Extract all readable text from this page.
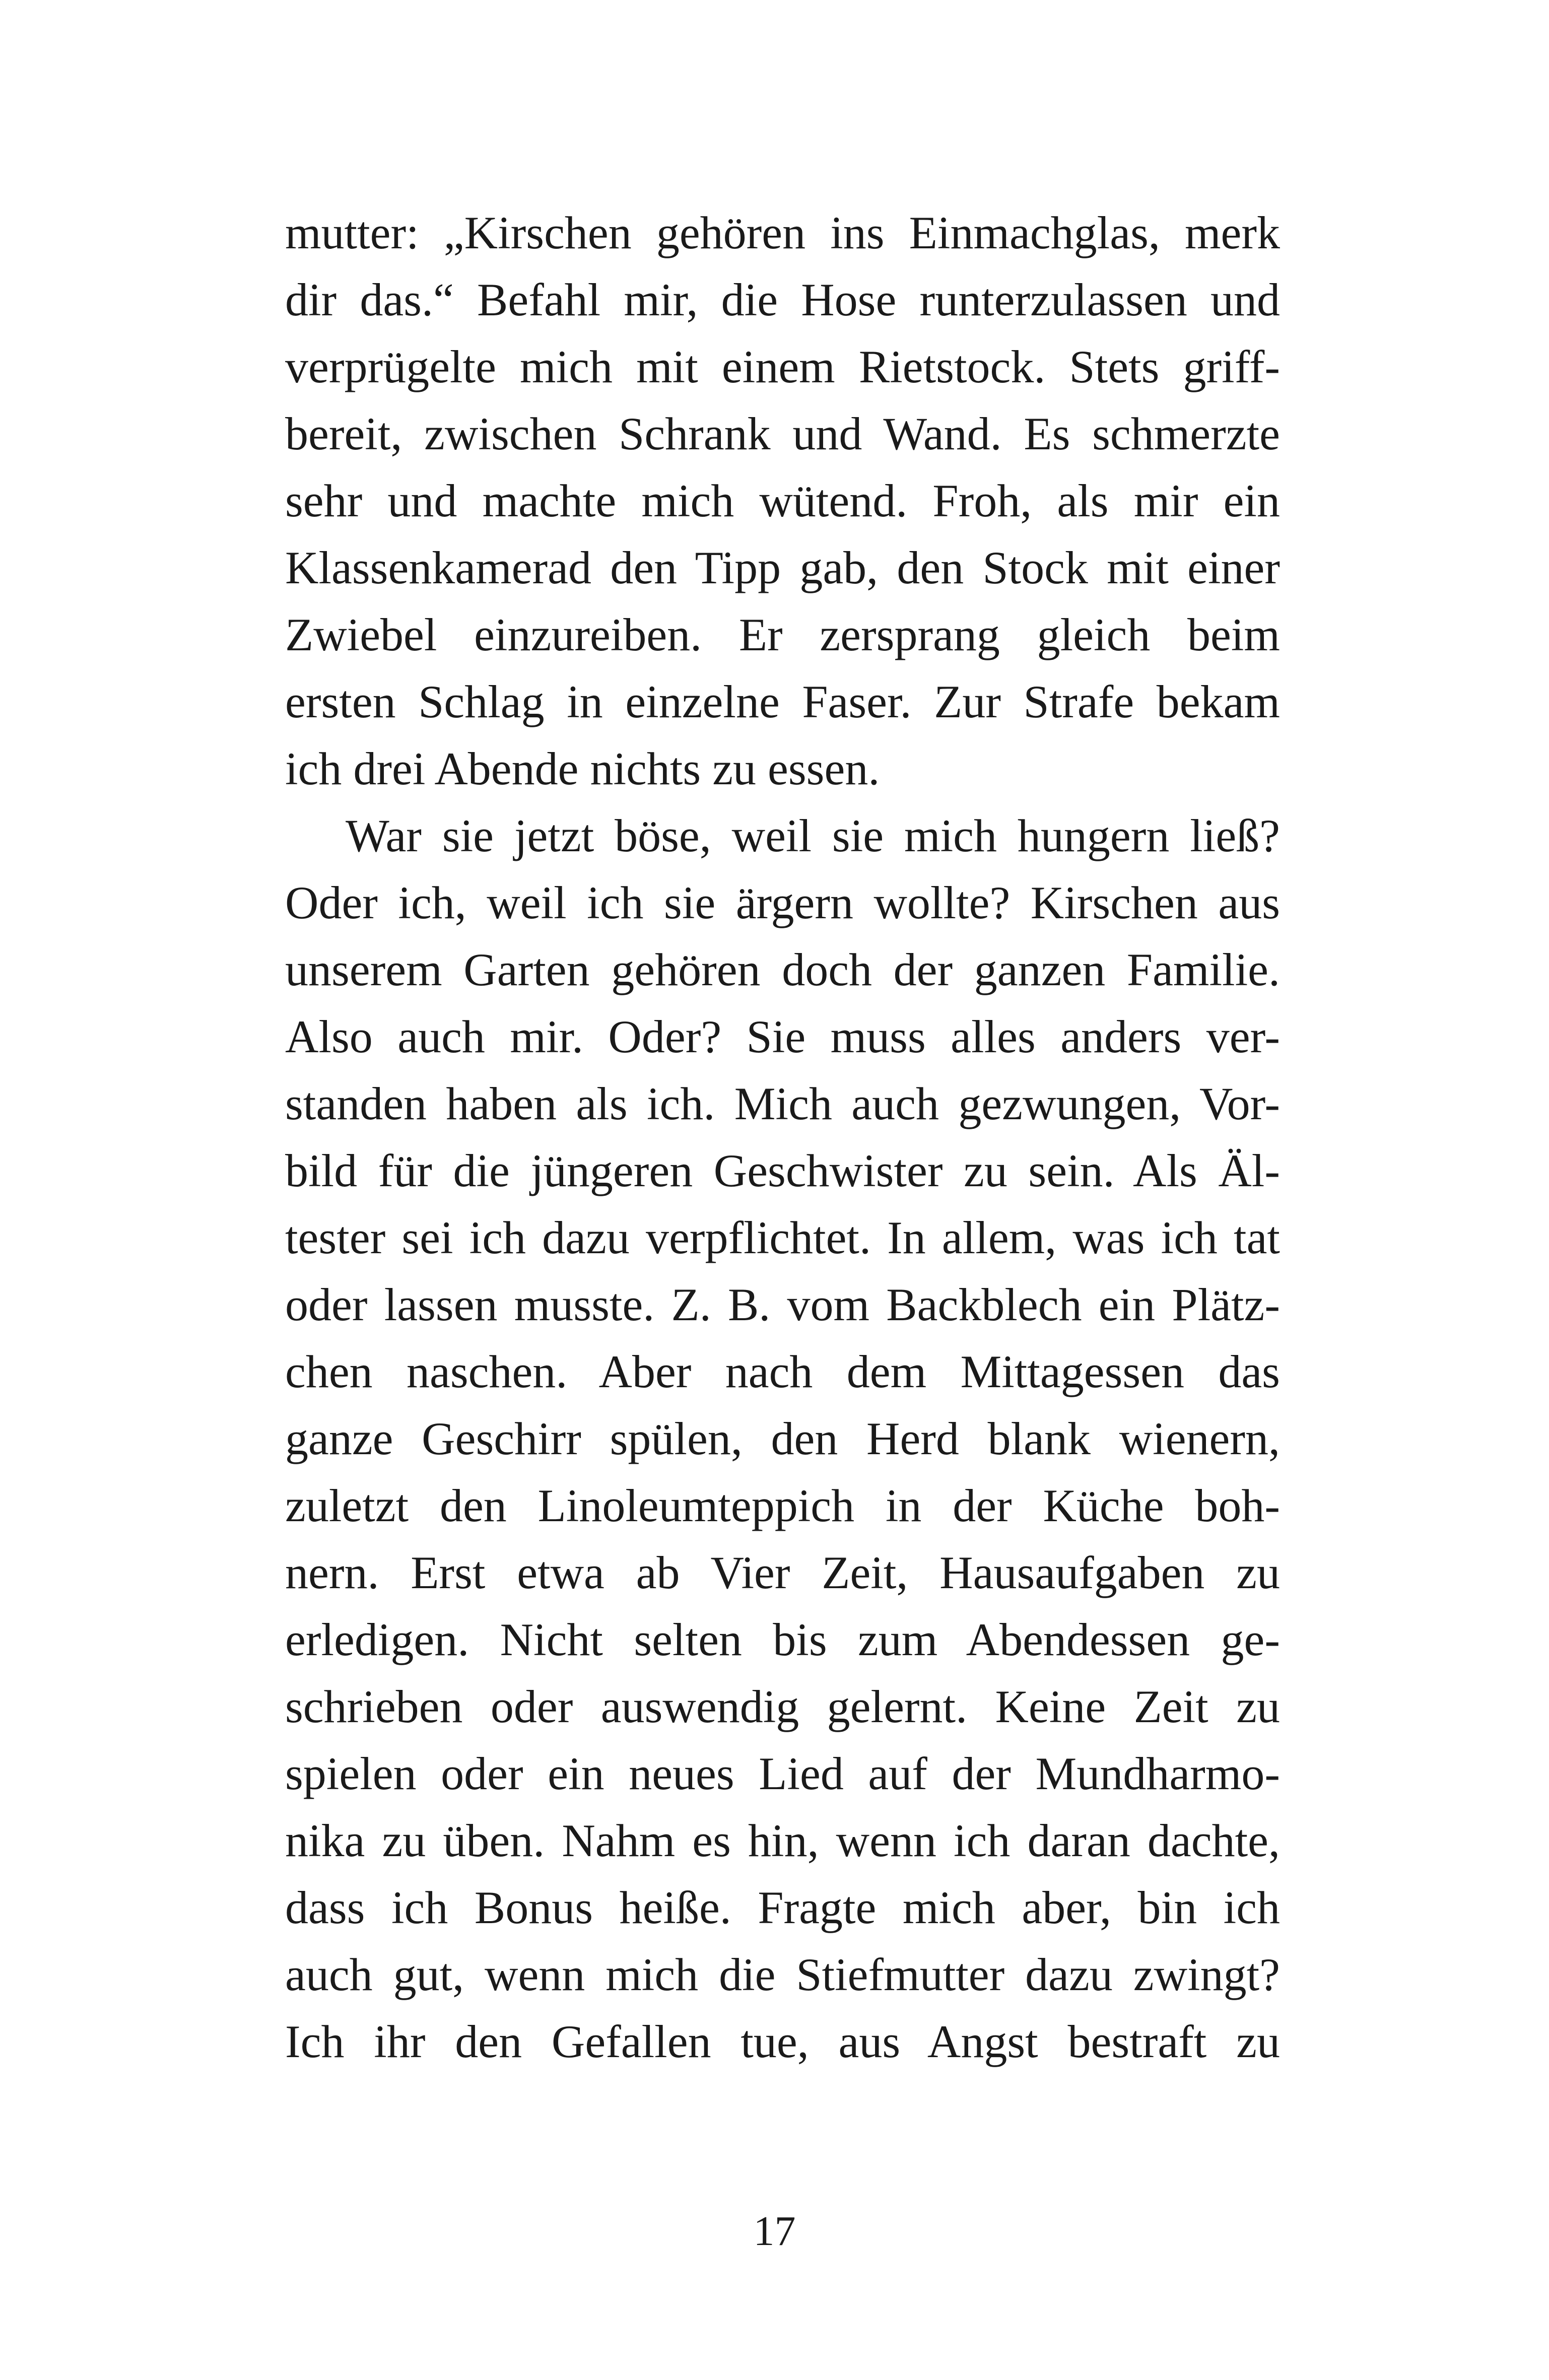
mutter: „Kirschen gehören ins Einmachglas, merk
dir das.“ Befahl mir, die Hose runterzulassen und
verprügelte mich mit einem Rietstock. Stets griff-
bereit, zwischen Schrank und Wand. Es schmerzte
sehr und machte mich wütend. Froh, als mir ein
Klassenkamerad den Tipp gab, den Stock mit einer
Zwiebel einzureiben. Er zersprang gleich beim
ersten Schlag in einzelne Faser. Zur Strafe bekam
ich drei Abende nichts zu essen.
War sie jetzt böse, weil sie mich hungern ließ?
Oder ich, weil ich sie ärgern wollte? Kirschen aus
unserem Garten gehören doch der ganzen Familie.
Also auch mir. Oder? Sie muss alles anders ver-
standen haben als ich. Mich auch gezwungen, Vor-
bild für die jüngeren Geschwister zu sein. Als Äl-
tester sei ich dazu verpflichtet. In allem, was ich tat
oder lassen musste. Z. B. vom Backblech ein Plätz-
chen naschen. Aber nach dem Mittagessen das
ganze Geschirr spülen, den Herd blank wienern,
zuletzt den Linoleumteppich in der Küche boh-
nern. Erst etwa ab Vier Zeit, Hausaufgaben zu
erledigen. Nicht selten bis zum Abendessen ge-
schrieben oder auswendig gelernt. Keine Zeit zu
spielen oder ein neues Lied auf der Mundharmo-
nika zu üben. Nahm es hin, wenn ich daran dachte,
dass ich Bonus heiße. Fragte mich aber, bin ich
auch gut, wenn mich die Stiefmutter dazu zwingt?
Ich ihr den Gefallen tue, aus Angst bestraft zu
17
